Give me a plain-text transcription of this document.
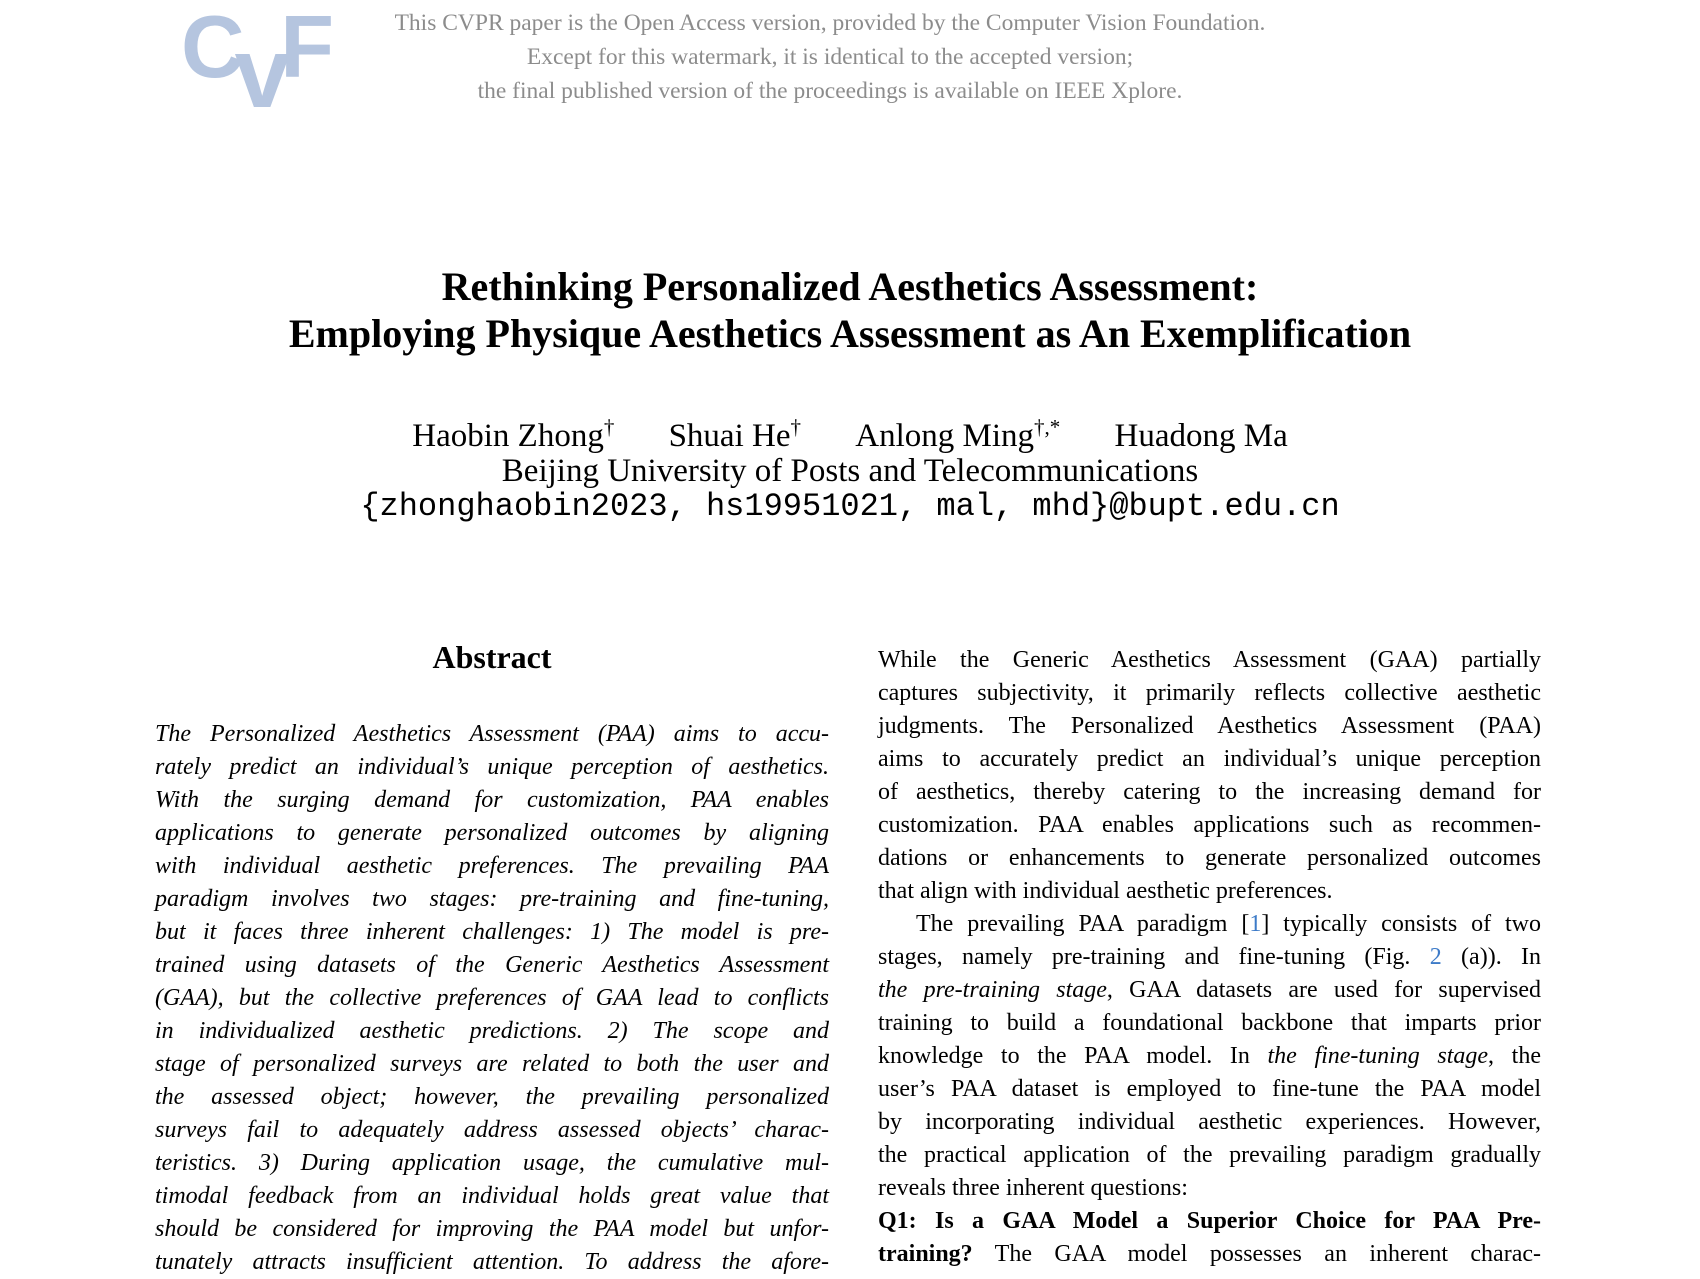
This CVPR paper is the Open Access version, provided by the Computer Vision Foundation.
Except for this watermark, it is identical to the accepted version;
the final published version of the proceedings is available on IEEE Xplore.
C
v
F
Rethinking Personalized Aesthetics Assessment:
Employing Physique Aesthetics Assessment as An Exemplification
Haobin Zhong† Shuai He† Anlong Ming†,* Huadong Ma
Beijing University of Posts and Telecommunications
{zhonghaobin2023, hs19951021, mal, mhd}@bupt.edu.cn
Abstract
The Personalized Aesthetics Assessment (PAA) aims to accu-
rately predict an individual’s unique perception of aesthetics.
With the surging demand for customization, PAA enables
applications to generate personalized outcomes by aligning
with individual aesthetic preferences. The prevailing PAA
paradigm involves two stages: pre-training and fine-tuning,
but it faces three inherent challenges: 1) The model is pre-
trained using datasets of the Generic Aesthetics Assessment
(GAA), but the collective preferences of GAA lead to conflicts
in individualized aesthetic predictions. 2) The scope and
stage of personalized surveys are related to both the user and
the assessed object; however, the prevailing personalized
surveys fail to adequately address assessed objects’ charac-
teristics. 3) During application usage, the cumulative mul-
timodal feedback from an individual holds great value that
should be considered for improving the PAA model but unfor-
tunately attracts insufficient attention. To address the afore-
While the Generic Aesthetics Assessment (GAA) partially
captures subjectivity, it primarily reflects collective aesthetic
judgments. The Personalized Aesthetics Assessment (PAA)
aims to accurately predict an individual’s unique perception
of aesthetics, thereby catering to the increasing demand for
customization. PAA enables applications such as recommen-
dations or enhancements to generate personalized outcomes
that align with individual aesthetic preferences.
The prevailing PAA paradigm [1] typically consists of two
stages, namely pre-training and fine-tuning (Fig. 2 (a)). In
the pre-training stage, GAA datasets are used for supervised
training to build a foundational backbone that imparts prior
knowledge to the PAA model. In the fine-tuning stage, the
user’s PAA dataset is employed to fine-tune the PAA model
by incorporating individual aesthetic experiences. However,
the practical application of the prevailing paradigm gradually
reveals three inherent questions:
Q1: Is a GAA Model a Superior Choice for PAA Pre-
training? The GAA model possesses an inherent charac-
